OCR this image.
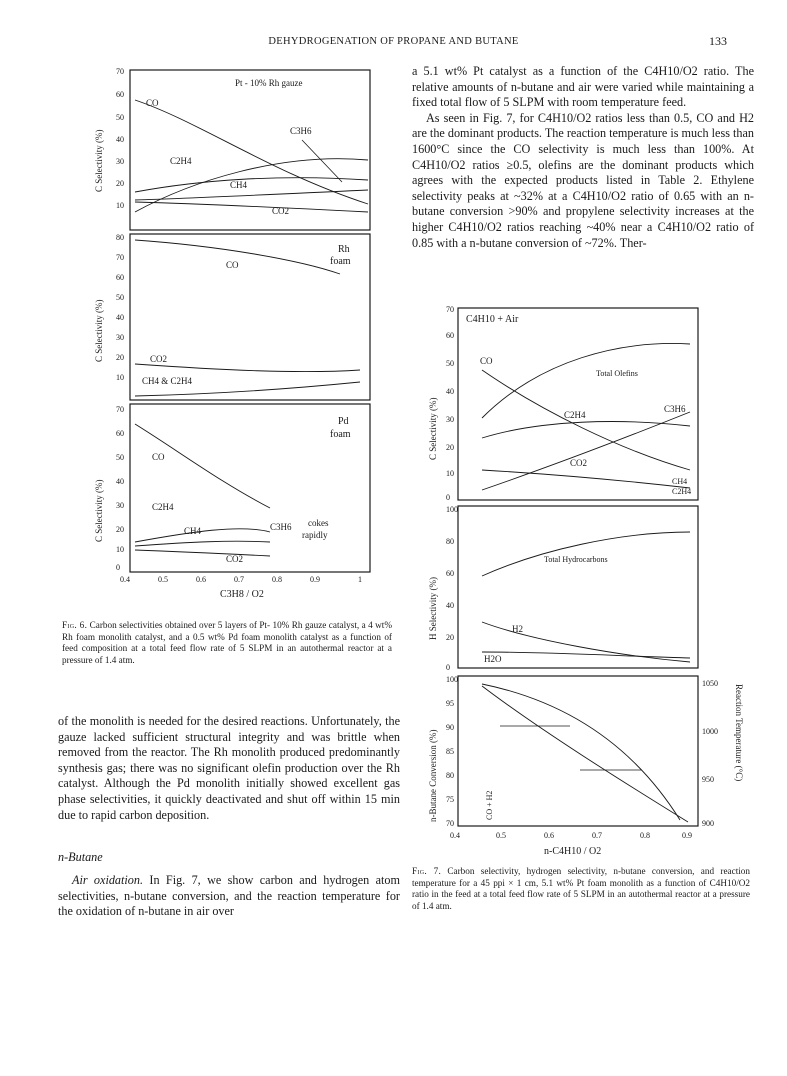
DEHYDROGENATION OF PROPANE AND BUTANE	133

a 5.1 wt% Pt catalyst as a function of the C4H10/O2 ratio. The relative amounts of n-butane and air were varied while maintaining a fixed total flow of 5 SLPM with room temperature feed.

As seen in Fig. 7, for C4H10/O2 ratios less than 0.5, CO and H2 are the dominant products. The reaction temperature is much less than 1600°C since the CO selectivity is much less than 100%. At C4H10/O2 ratios ≥0.5, olefins are the dominant products which agrees with the expected products listed in Table 2. Ethylene selectivity peaks at ~32% at a C4H10/O2 ratio of 0.65 with an n-butane conversion >90% and propylene selectivity increases at the higher C4H10/O2 ratios reaching ~40% near a C4H10/O2 ratio of 0.85 with a n-butane conversion of ~72%. Ther-

70
60
50
40
30
20
10
Pt - 10% Rh gauze
CO
C3H6
C2H4
CH4
CO2
80
70
60
50
40
30
20
10
Rh
foam
CO
CO2
CH4 & C2H4
70
60
50
40
30
20
10
0
Pd
foam
CO
C2H4
CH4	C3H6
CO2
cokes
rapidly
0.4	0.5	0.6	0.7	0.8	0.9	1
C3H8 / O2
C Selectivity (%)
C Selectivity (%)
C Selectivity (%)
Fig. 6. Carbon selectivities obtained over 5 layers of Pt- 10% Rh gauze catalyst, a 4 wt% Rh foam monolith catalyst, and a 0.5 wt% Pd foam monolith catalyst as a function of feed composition at a total feed flow rate of 5 SLPM in an autothermal reactor at a pressure of 1.4 atm.

of the monolith is needed for the desired reactions. Unfortunately, the gauze lacked sufficient structural integrity and was brittle when removed from the reactor. The Rh monolith produced predominantly synthesis gas; there was no significant olefin production over the Rh catalyst. Although the Pd monolith initially showed excellent gas phase selectivities, it quickly deactivated and shut off within 15 min due to rapid carbon deposition.

n-Butane
Air oxidation. In Fig. 7, we show carbon and hydrogen atom selectivities, n-butane conversion, and the reaction temperature for the oxidation of n-butane in air over
70
60
50
40
30
20
10
0
C4H10 + Air
Total Olefins
CO
C2H4
C3H6
CO2
CH4
C2H4
100
80
60
40
20
0
Total Hydrocarbons
H2
H2O
100
95
90
85
80
75
70
1050
1000
950
900
CO + H2
0.4	0.5	0.6	0.7	0.8	0.9
n-C4H10 / O2
C Selectivity (%)
H Selectivity (%)
n-Butane Conversion (%)	Reaction Temperature (°C)
Fig. 7. Carbon selectivity, hydrogen selectivity, n-butane conversion, and reaction temperature for a 45 ppi × 1 cm, 5.1 wt% Pt foam monolith as a function of C4H10/O2 ratio in the feed at a total feed flow rate of 5 SLPM in an autothermal reactor at a pressure of 1.4 atm.
